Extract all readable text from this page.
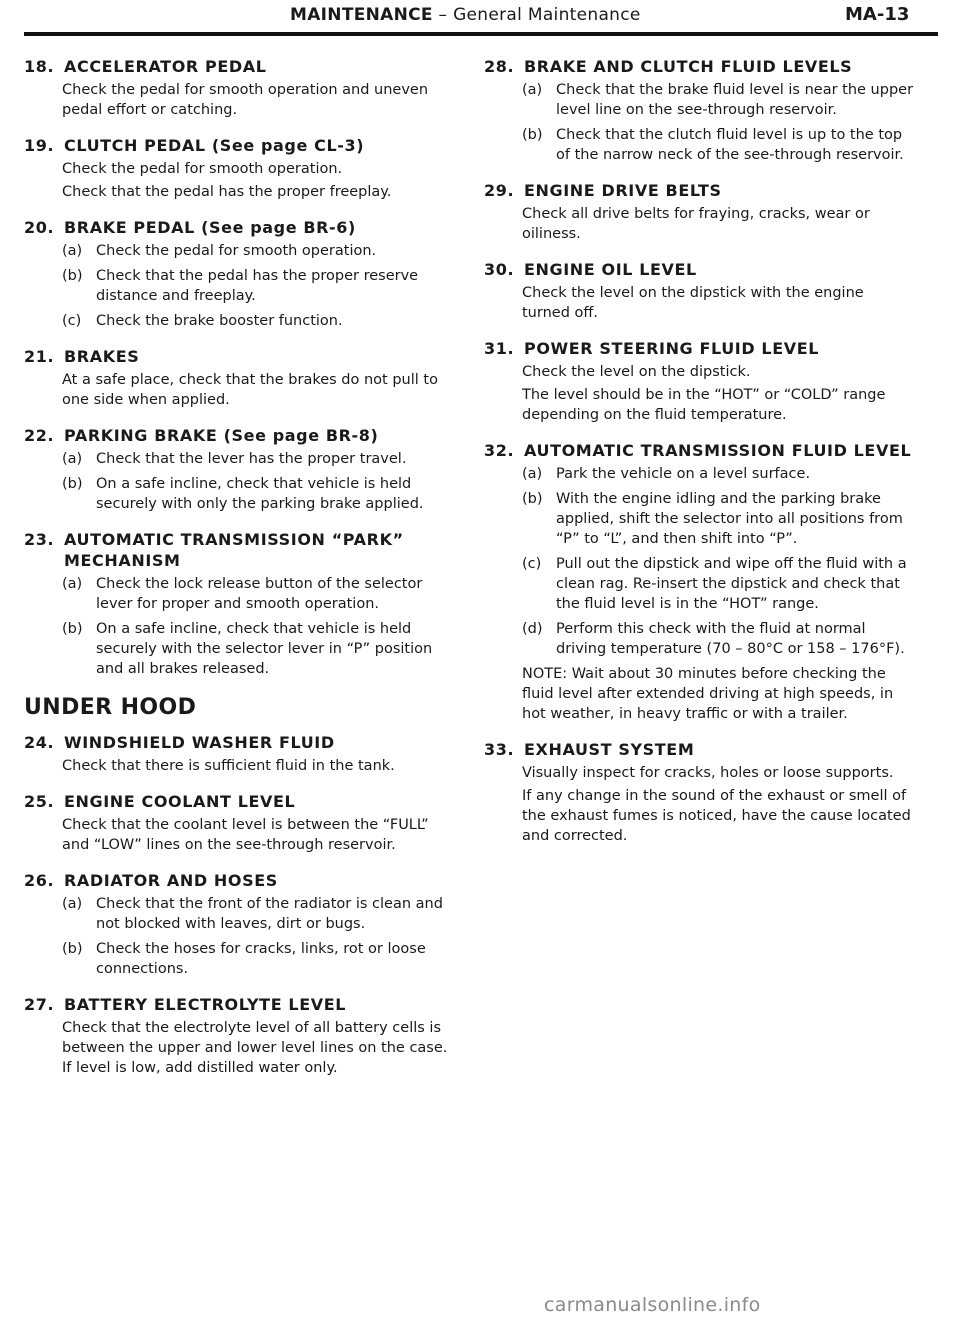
MAINTENANCE – General Maintenance	MA-13
18. ACCELERATOR PEDAL
Check the pedal for smooth operation and uneven pedal effort or catching.
19. CLUTCH PEDAL (See page CL-3)
Check the pedal for smooth operation.
Check that the pedal has the proper freeplay.
20. BRAKE PEDAL (See page BR-6)
(a) Check the pedal for smooth operation.
(b) Check that the pedal has the proper reserve distance and freeplay.
(c)	Check the brake booster function.
21. BRAKES
At a safe place, check that the brakes do not pull to one side when applied.
22. PARKING BRAKE (See page BR-8)
(a) Check that the lever has the proper travel.
(b) On a safe incline, check that vehicle is held securely with only the parking brake applied.
23. AUTOMATIC TRANSMISSION “PARK” MECHANISM
(a) Check the lock release button of the selector lever for proper and smooth operation.
(b) On a safe incline, check that vehicle is held securely with the selector lever in “P” position and all brakes released.
UNDER HOOD
24. WINDSHIELD WASHER FLUID
Check that there is sufficient fluid in the tank.
25. ENGINE COOLANT LEVEL
Check that the coolant level is between the “FULL” and “LOW” lines on the see-through reservoir.
26. RADIATOR AND HOSES
(a) Check that the front of the radiator is clean and not blocked with leaves, dirt or bugs.
(b) Check the hoses for cracks, links, rot or loose connections.
27. BATTERY ELECTROLYTE LEVEL
Check that the electrolyte level of all battery cells is between the upper and lower level lines on the case. If level is low, add distilled water only.
28. BRAKE AND CLUTCH FLUID LEVELS
(a) Check that the brake fluid level is near the upper level line on the see-through reservoir.
(b) Check that the clutch fluid level is up to the top of the narrow neck of the see-through reservoir.
29. ENGINE DRIVE BELTS
Check all drive belts for fraying, cracks, wear or oiliness.
30. ENGINE OIL LEVEL
Check the level on the dipstick with the engine turned off.
31. POWER STEERING FLUID LEVEL
Check the level on the dipstick.
The level should be in the “HOT” or “COLD” range depending on the fluid temperature.
32. AUTOMATIC TRANSMISSION FLUID LEVEL
(a) Park the vehicle on a level surface.
(b) With the engine idling and the parking brake applied, shift the selector into all positions from “P” to “L”, and then shift into “P”.
(c)	Pull out the dipstick and wipe off the fluid with a clean rag. Re-insert the dipstick and check that the fluid level is in the “HOT” range.
(d) Perform this check with the fluid at normal driving temperature (70 – 80°C or 158 – 176°F).
NOTE: Wait about 30 minutes before checking the fluid level after extended driving at high speeds, in hot weather, in heavy traffic or with a trailer.
33. EXHAUST SYSTEM
Visually inspect for cracks, holes or loose supports.
If any change in the sound of the exhaust or smell of the exhaust fumes is noticed, have the cause located and corrected.
carmanualsonline.info
